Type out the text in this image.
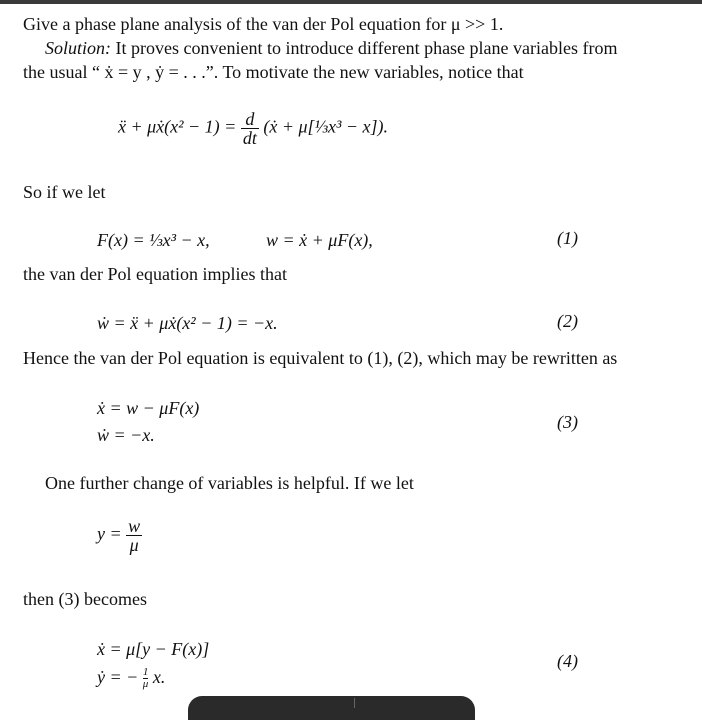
Give a phase plane analysis of the van der Pol equation for μ >> 1.
Solution: It proves convenient to introduce different phase plane variables from
the usual “ ẋ = y , ẏ = . . .”. To motivate the new variables, notice that
ẍ + μẋ(x² − $1) = \frac{d}{dt}$ (ẋ + μ[⅓x³ − x]).
So if we let
F(x) = ⅓x³ − x,	w = ẋ + μF(x),	(1)
the van der Pol equation implies that
ẇ = ẍ + μẋ(x² − 1) = −x.	(2)
Hence the van der Pol equation is equivalent to (1), (2), which may be rewritten as
ẋ = w − μF(x)
ẇ = −x.
(3)
One further change of variables is helpful. If we let
$y = \frac{w}{\mu}$
then (3) becomes
ẋ = μ[y − F(x)]
ẏ = − $\frac{1}{\mu} x$.
(4)
